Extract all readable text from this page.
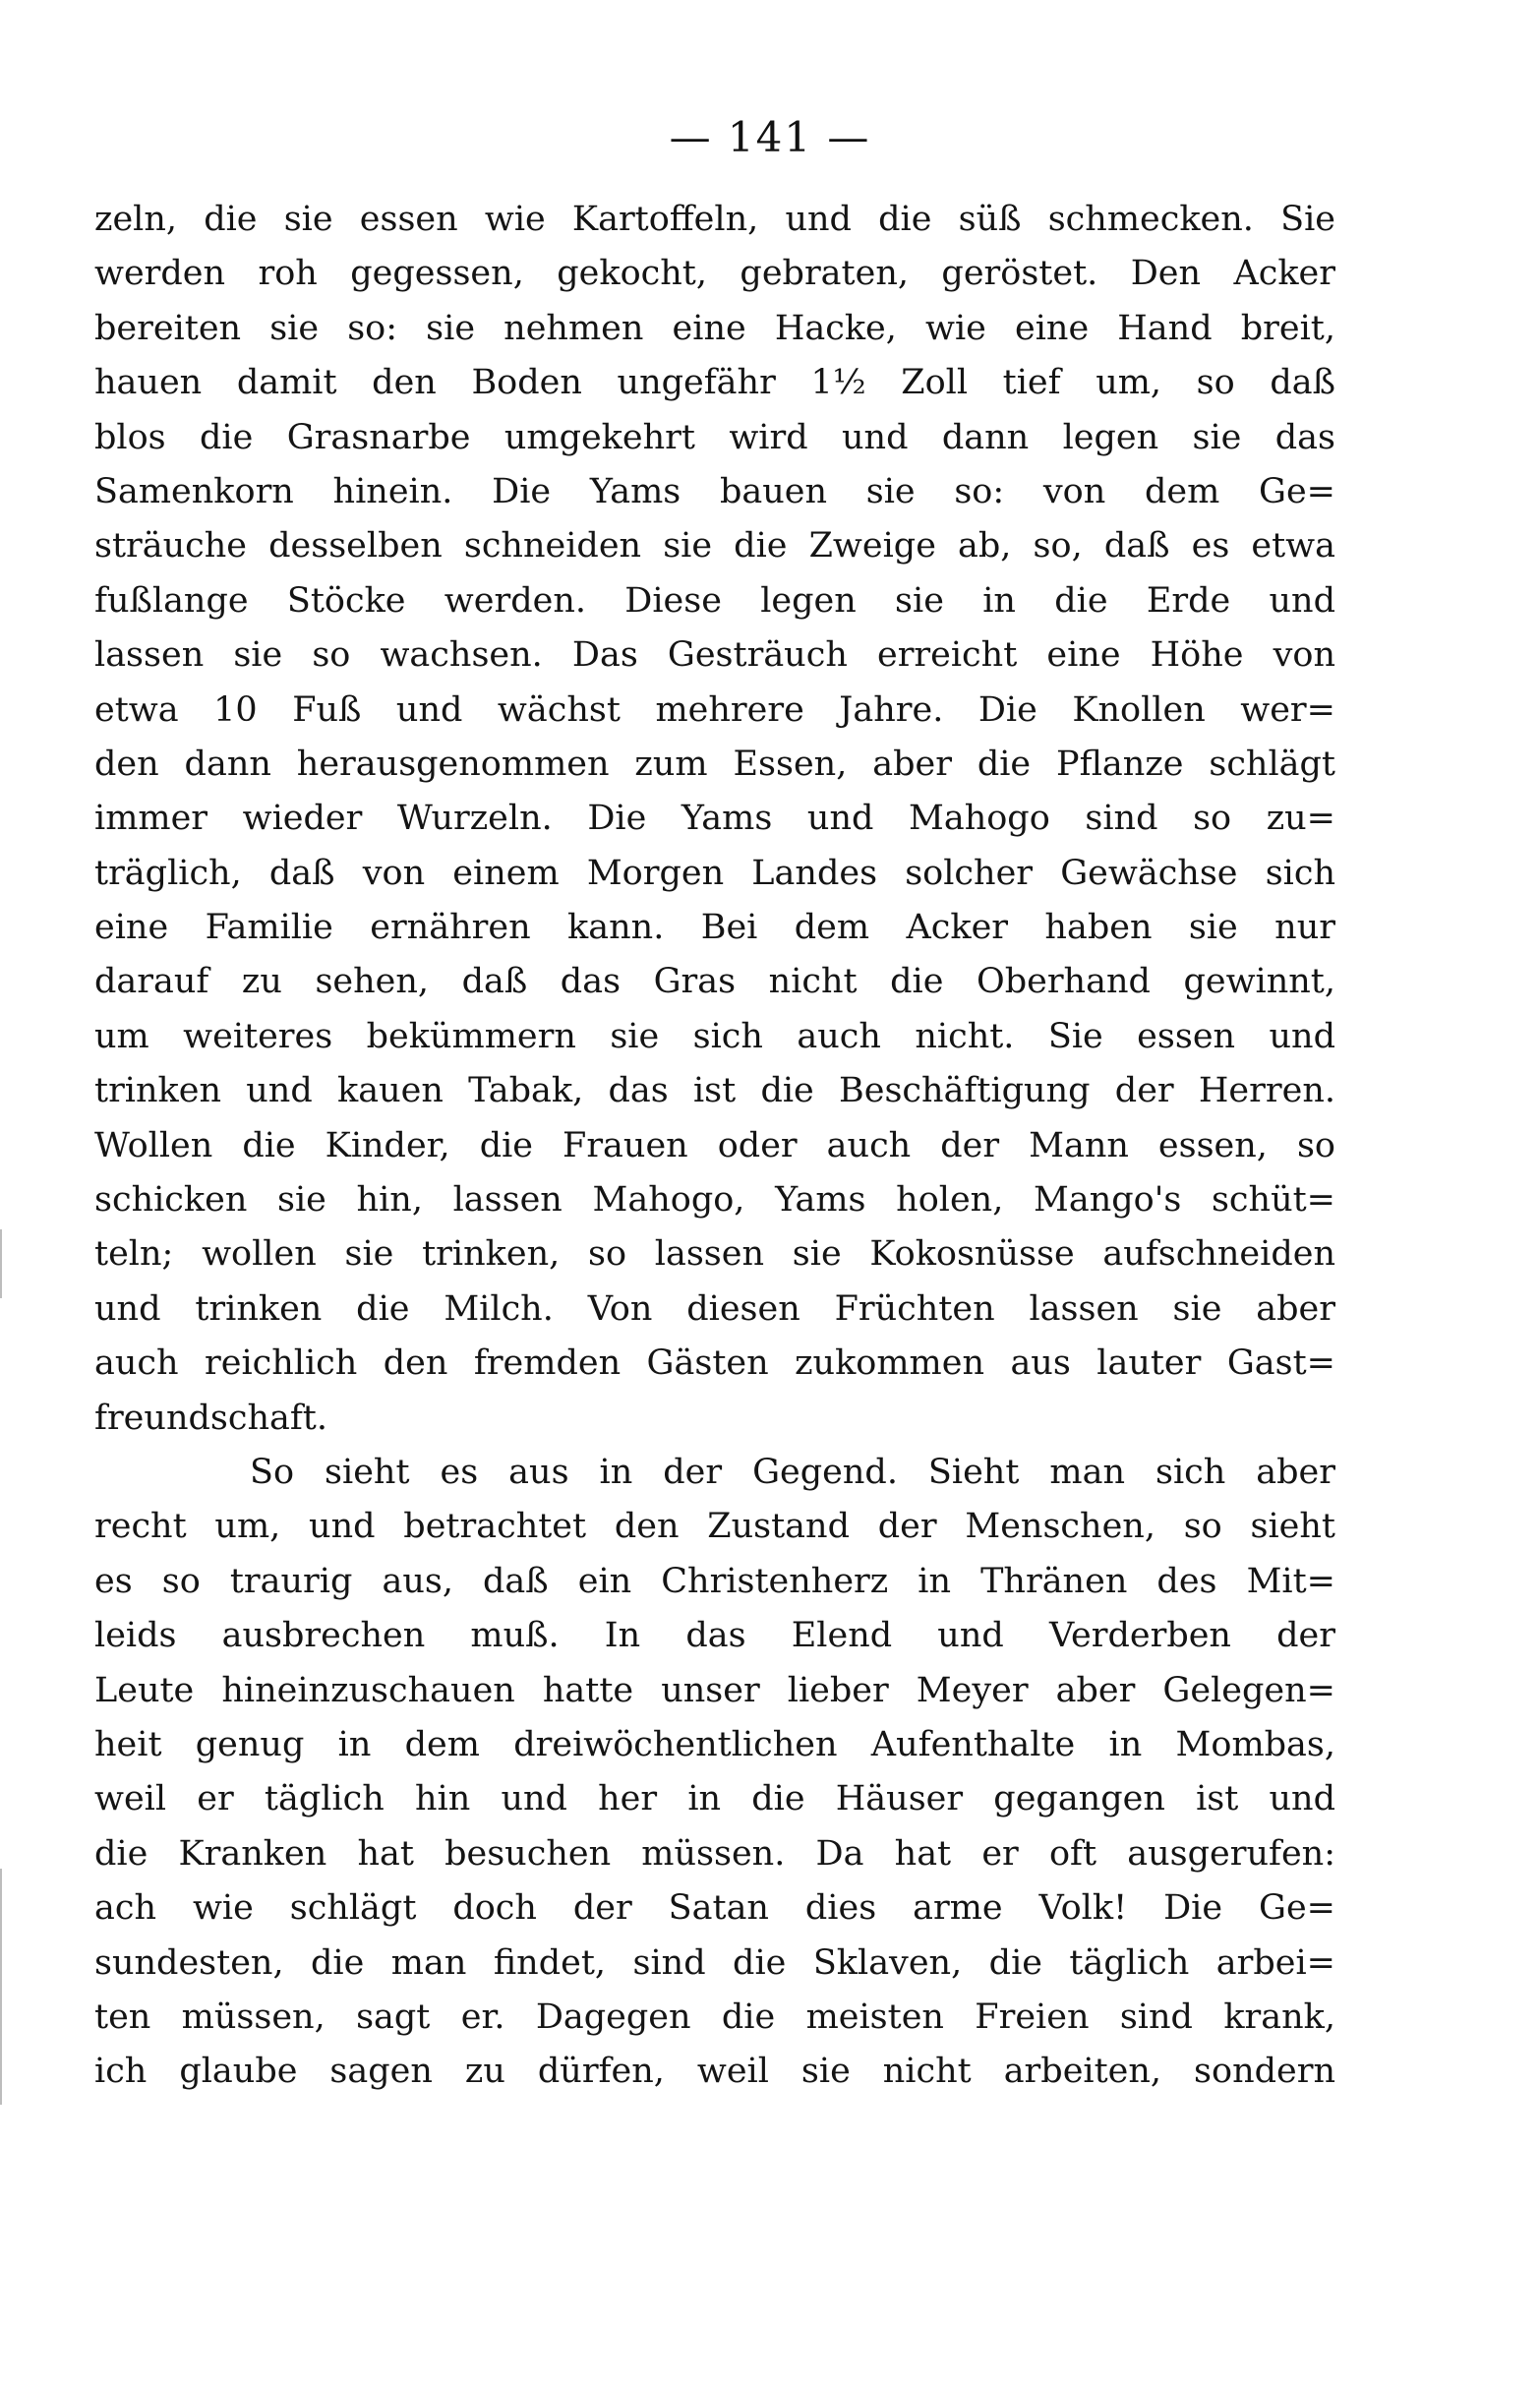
— 141 —
zeln, die sie essen wie Kartoffeln, und die süß schmecken. Sie
werden roh gegessen, gekocht, gebraten, geröstet. Den Acker
bereiten sie so: sie nehmen eine Hacke, wie eine Hand breit,
hauen damit den Boden ungefähr 1½ Zoll tief um, so daß
blos die Grasnarbe umgekehrt wird und dann legen sie das
Samenkorn hinein. Die Yams bauen sie so: von dem Ge=
sträuche desselben schneiden sie die Zweige ab, so, daß es etwa
fußlange Stöcke werden. Diese legen sie in die Erde und
lassen sie so wachsen. Das Gesträuch erreicht eine Höhe von
etwa 10 Fuß und wächst mehrere Jahre. Die Knollen wer=
den dann herausgenommen zum Essen, aber die Pflanze schlägt
immer wieder Wurzeln. Die Yams und Mahogo sind so zu=
träglich, daß von einem Morgen Landes solcher Gewächse sich
eine Familie ernähren kann. Bei dem Acker haben sie nur
darauf zu sehen, daß das Gras nicht die Oberhand gewinnt,
um weiteres bekümmern sie sich auch nicht. Sie essen und
trinken und kauen Tabak, das ist die Beschäftigung der Herren.
Wollen die Kinder, die Frauen oder auch der Mann essen, so
schicken sie hin, lassen Mahogo, Yams holen, Mango's schüt=
teln; wollen sie trinken, so lassen sie Kokosnüsse aufschneiden
und trinken die Milch. Von diesen Früchten lassen sie aber
auch reichlich den fremden Gästen zukommen aus lauter Gast=
freundschaft.
So sieht es aus in der Gegend. Sieht man sich aber
recht um, und betrachtet den Zustand der Menschen, so sieht
es so traurig aus, daß ein Christenherz in Thränen des Mit=
leids ausbrechen muß. In das Elend und Verderben der
Leute hineinzuschauen hatte unser lieber Meyer aber Gelegen=
heit genug in dem dreiwöchentlichen Aufenthalte in Mombas,
weil er täglich hin und her in die Häuser gegangen ist und
die Kranken hat besuchen müssen. Da hat er oft ausgerufen:
ach wie schlägt doch der Satan dies arme Volk! Die Ge=
sundesten, die man findet, sind die Sklaven, die täglich arbei=
ten müssen, sagt er. Dagegen die meisten Freien sind krank,
ich glaube sagen zu dürfen, weil sie nicht arbeiten, sondern
